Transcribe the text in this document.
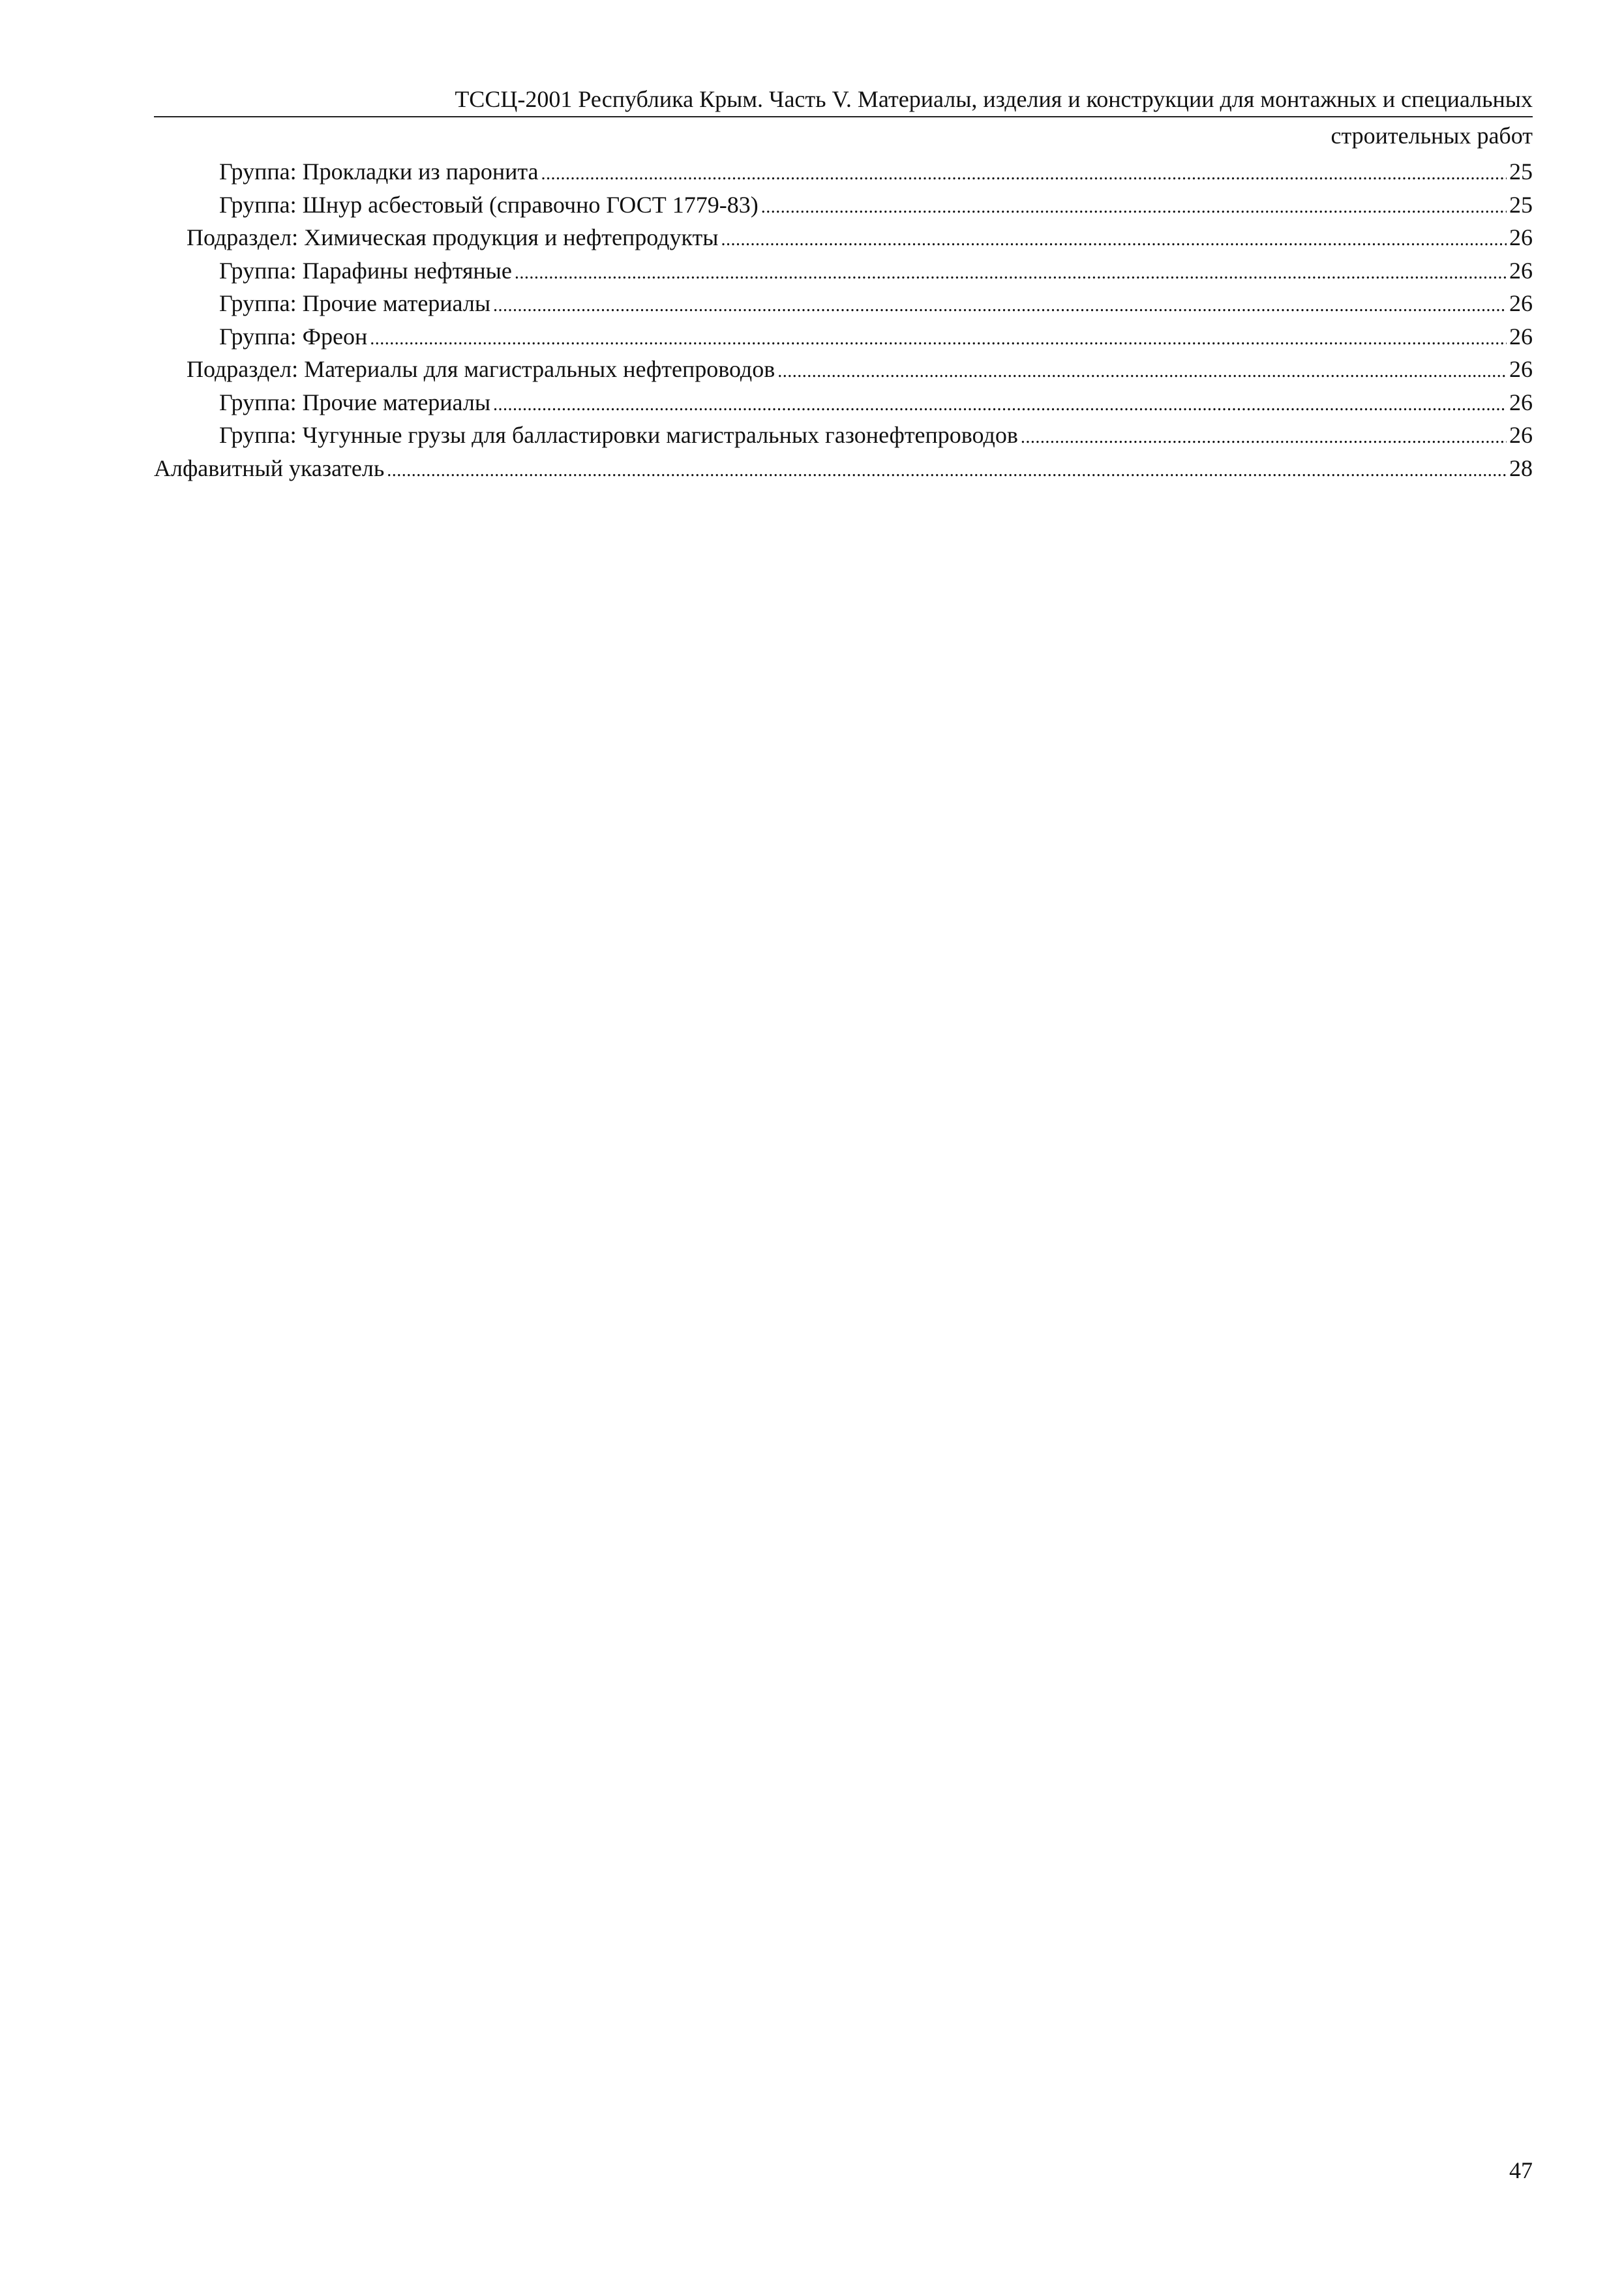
ТССЦ-2001 Республика Крым. Часть V. Материалы, изделия и конструкции для монтажных и специальных
строительных работ
Группа: Прокладки из паронита .....	25
Группа: Шнур асбестовый (справочно ГОСТ 1779-83) .....	25
Подраздел: Химическая продукция и нефтепродукты .....	26
Группа: Парафины нефтяные .....	26
Группа: Прочие материалы .....	26
Группа: Фреон .....	26
Подраздел: Материалы для магистральных нефтепроводов .....	26
Группа: Прочие материалы .....	26
Группа: Чугунные грузы для балластировки магистральных газонефтепроводов .....	26
Алфавитный указатель .....	28
47
